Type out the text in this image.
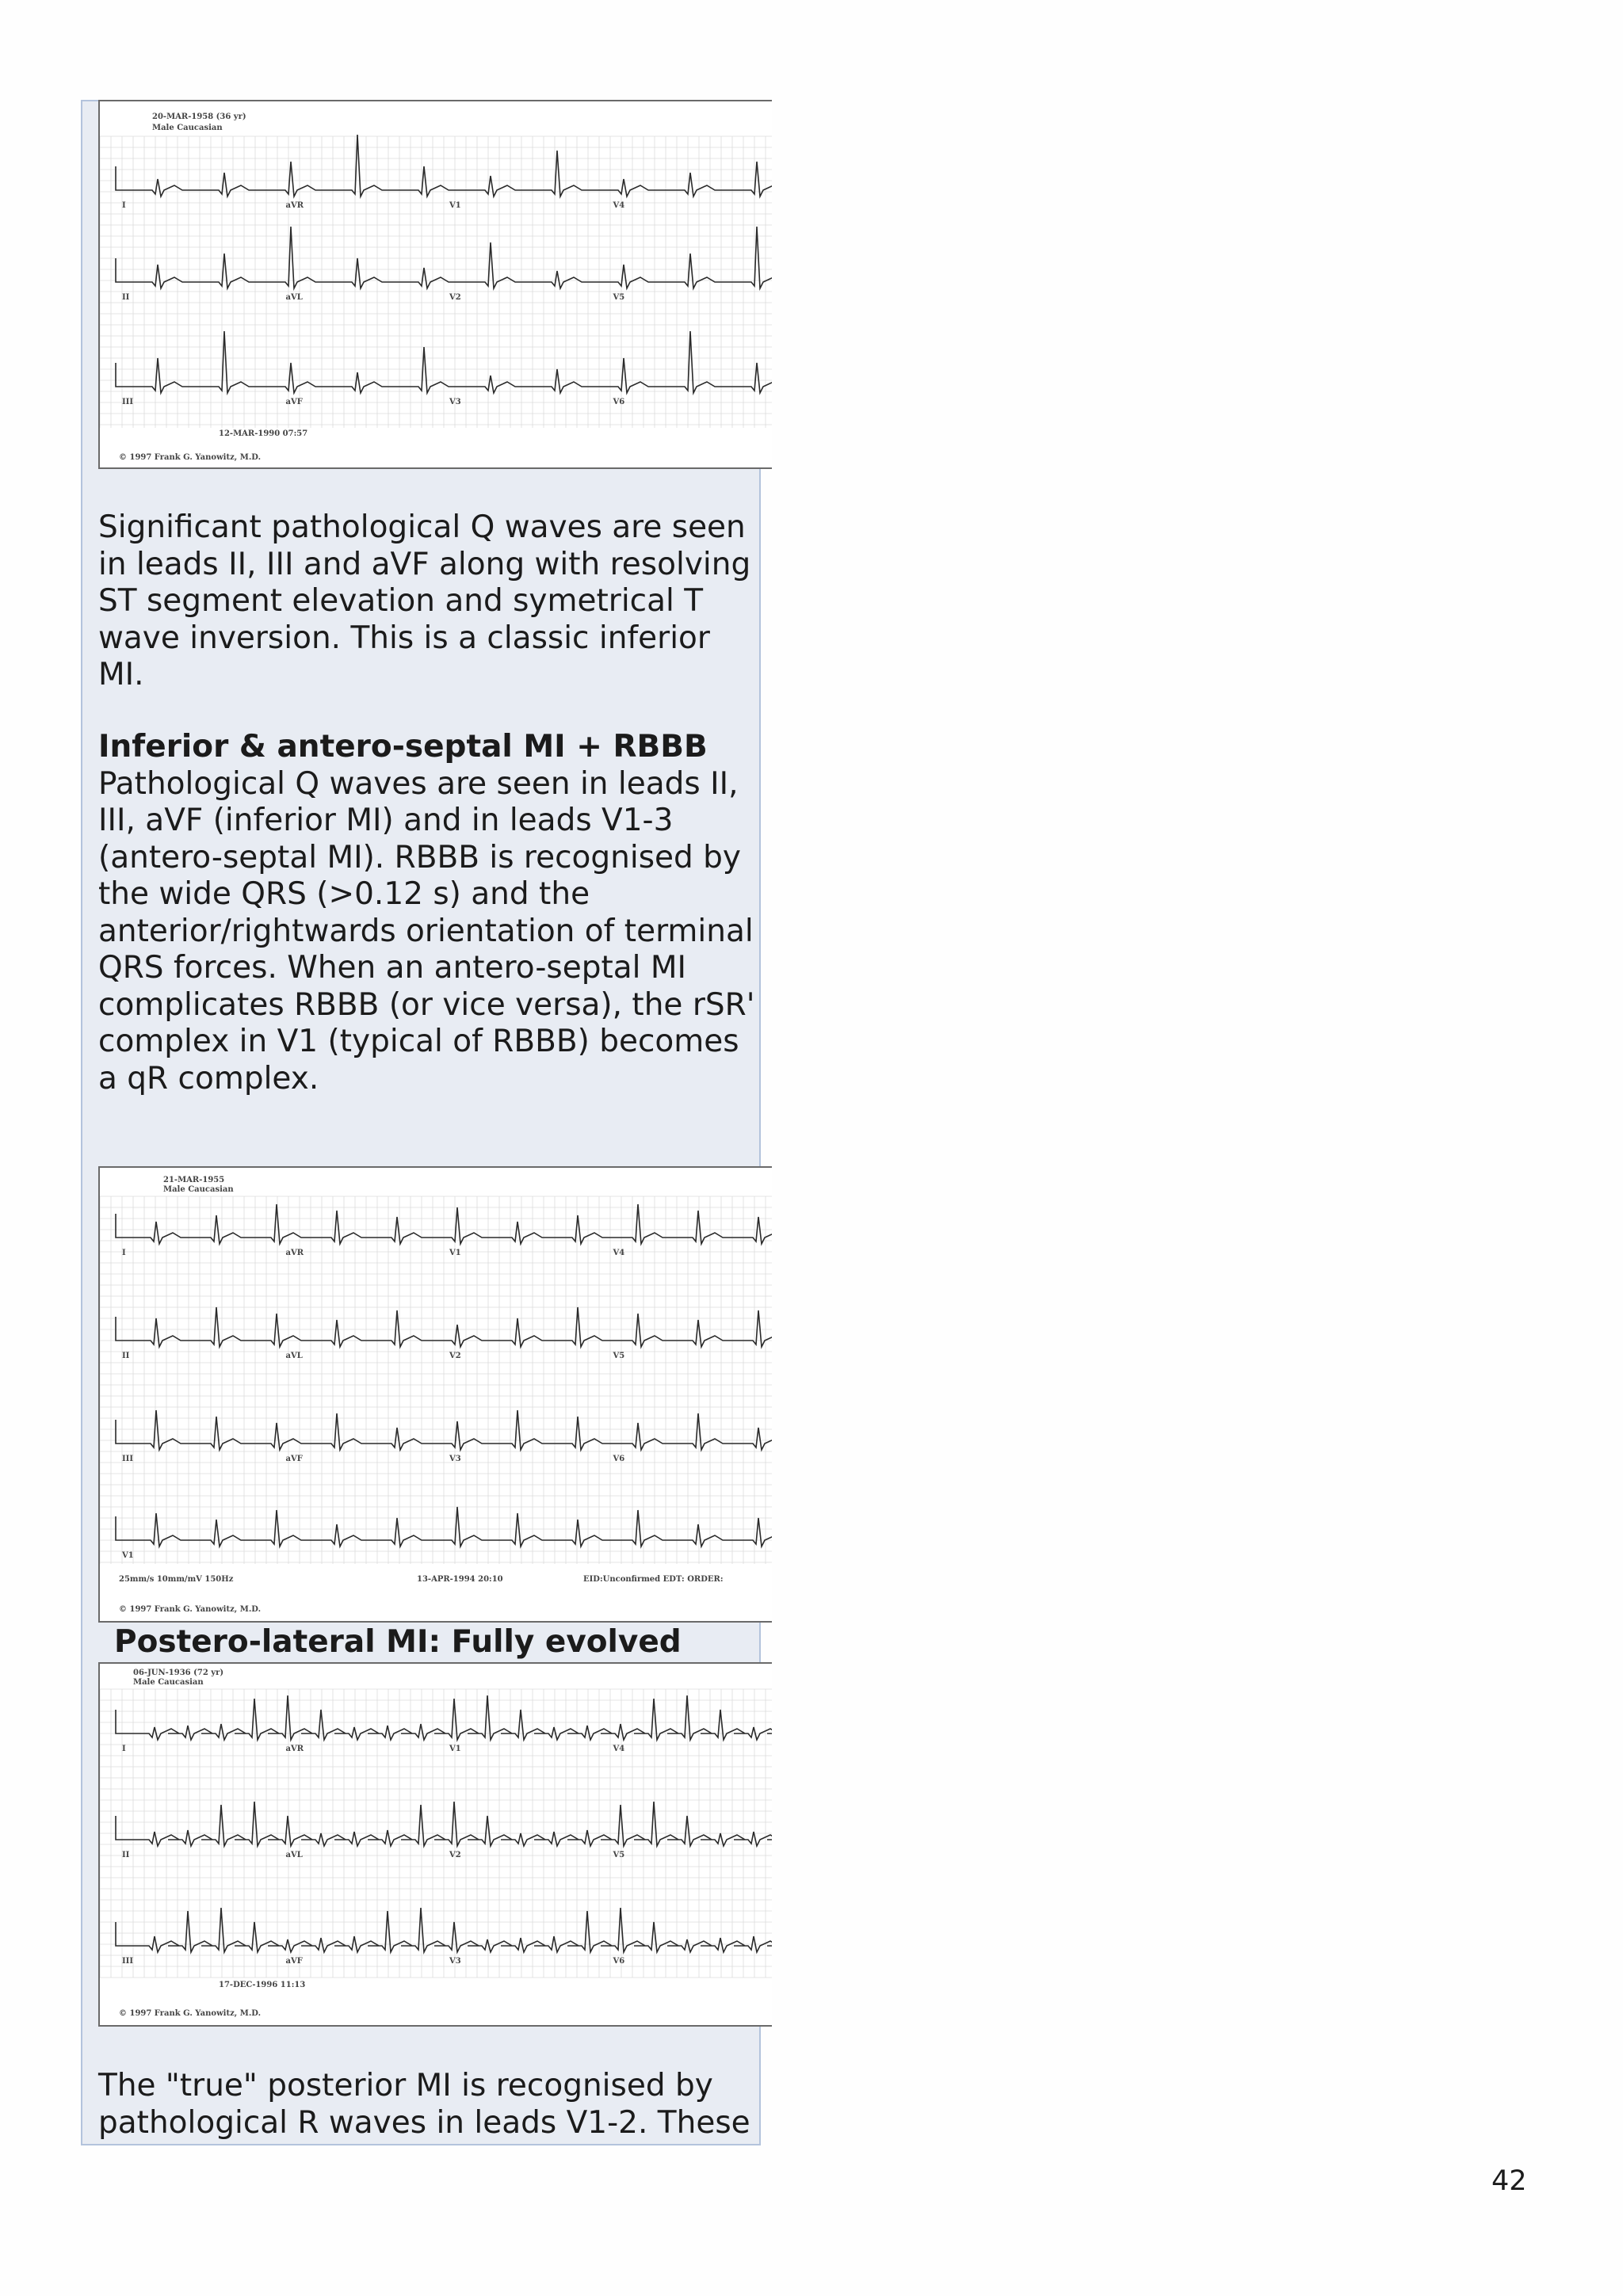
I	aVR	V1	V4
II	aVL	V2	V5
III	aVF	V3	V6
20-MAR-1958 (36 yr)
Male Caucasian
12-MAR-1990 07:57
© 1997 Frank G. Yanowitz, M.D.

Significant pathological Q waves are seen in leads II, III and aVF along with resolving ST segment elevation and symetrical T wave inversion. This is a classic inferior MI.

Inferior & antero-septal MI + RBBB

Pathological Q waves are seen in leads II, III, aVF (inferior MI) and in leads V1-3 (antero-septal MI). RBBB is recognised by the wide QRS (>0.12 s) and the anterior/rightwards orientation of terminal QRS forces. When an antero-septal MI complicates RBBB (or vice versa), the rSR' complex in V1 (typical of RBBB) becomes a qR complex.

I	aVR	V1	V4
II	aVL	V2	V5
III	aVF	V3	V6
V1
21-MAR-1955
Male Caucasian
25mm/s 10mm/mV 150Hz	13-APR-1994 20:10	EID:Unconfirmed EDT: ORDER:
© 1997 Frank G. Yanowitz, M.D.
Postero-lateral MI: Fully evolved
I	aVR	V1	V4
II	aVL	V2	V5
III	aVF	V3	V6
06-JUN-1936 (72 yr)
Male Caucasian
17-DEC-1996 11:13
© 1997 Frank G. Yanowitz, M.D.

The "true" posterior MI is recognised by pathological R waves in leads V1-2. These

42
